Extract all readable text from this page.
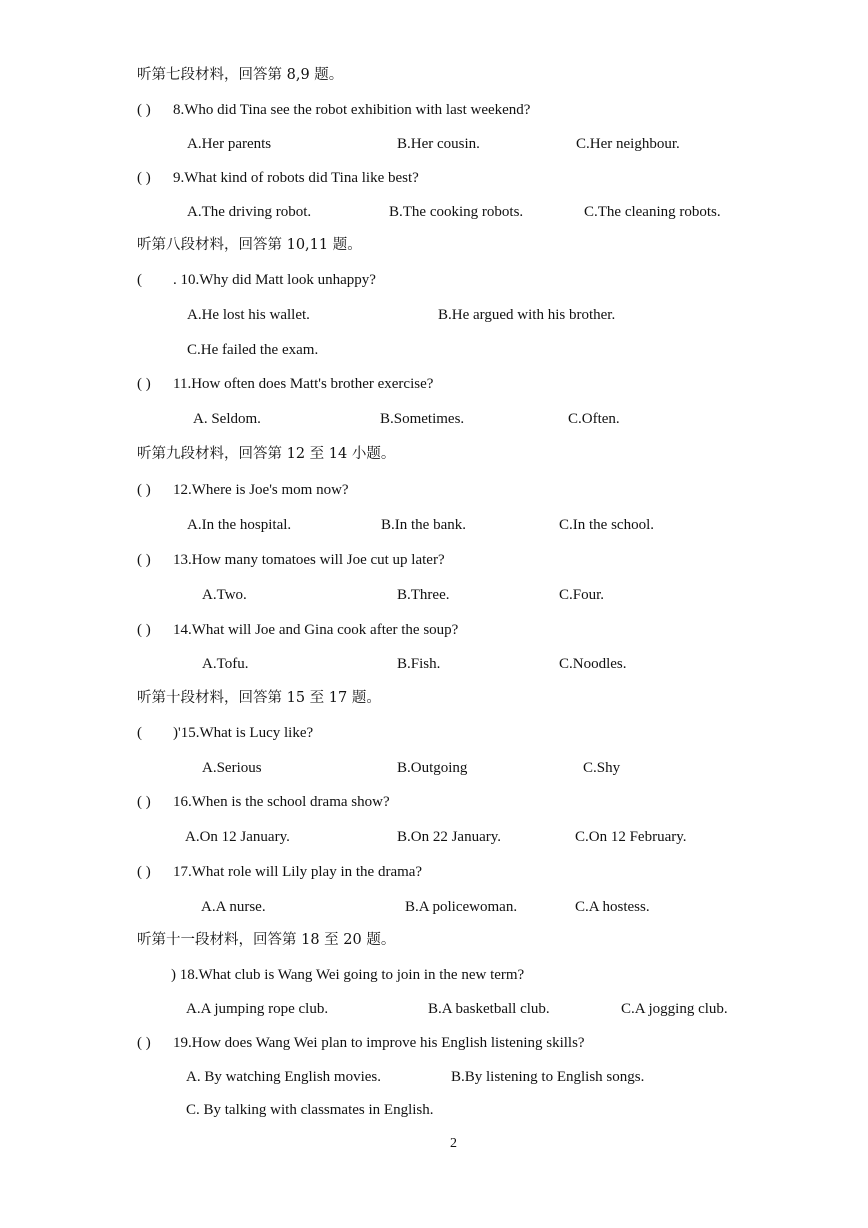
听第七段材料，回答第 8,9 题。
( ) 8.Who did Tina see the robot exhibition with last weekend?
A.Her parents	B.Her cousin.	C.Her neighbour.
( ) 9.What kind of robots did Tina like best?
A.The driving robot.	B.The cooking robots.	C.The cleaning robots.
听第八段材料，回答第 10,11 题。
( . 10.Why did Matt look unhappy?
A.He lost his wallet.	B.He argued with his brother.
C.He failed the exam.
( ) 11.How often does Matt's brother exercise?
A. Seldom.	B.Sometimes.	C.Often.
听第九段材料，回答第 12 至 14 小题。
( ) 12.Where is Joe's mom now?
A.In the hospital.	B.In the bank.	C.In the school.
( ) 13.How many tomatoes will Joe cut up later?
A.Two.	B.Three.	C.Four.
( ) 14.What will Joe and Gina cook after the soup?
A.Tofu.	B.Fish.	C.Noodles.
听第十段材料，回答第 15 至 17 题。
( )'15.What is Lucy like?
A.Serious	B.Outgoing	C.Shy
( ) 16.When is the school drama show?
A.On 12 January.	B.On 22 January.	C.On 12 February.
( ) 17.What role will Lily play in the drama?
A.A nurse.	B.A policewoman.	C.A hostess.
听第十一段材料，回答第 18 至 20 题。
) 18.What club is Wang Wei going to join in the new term?
A.A jumping rope club.	B.A basketball club.	C.A jogging club.
( ) 19.How does Wang Wei plan to improve his English listening skills?
A. By watching English movies.	B.By listening to English songs.
C. By talking with classmates in English.
2
